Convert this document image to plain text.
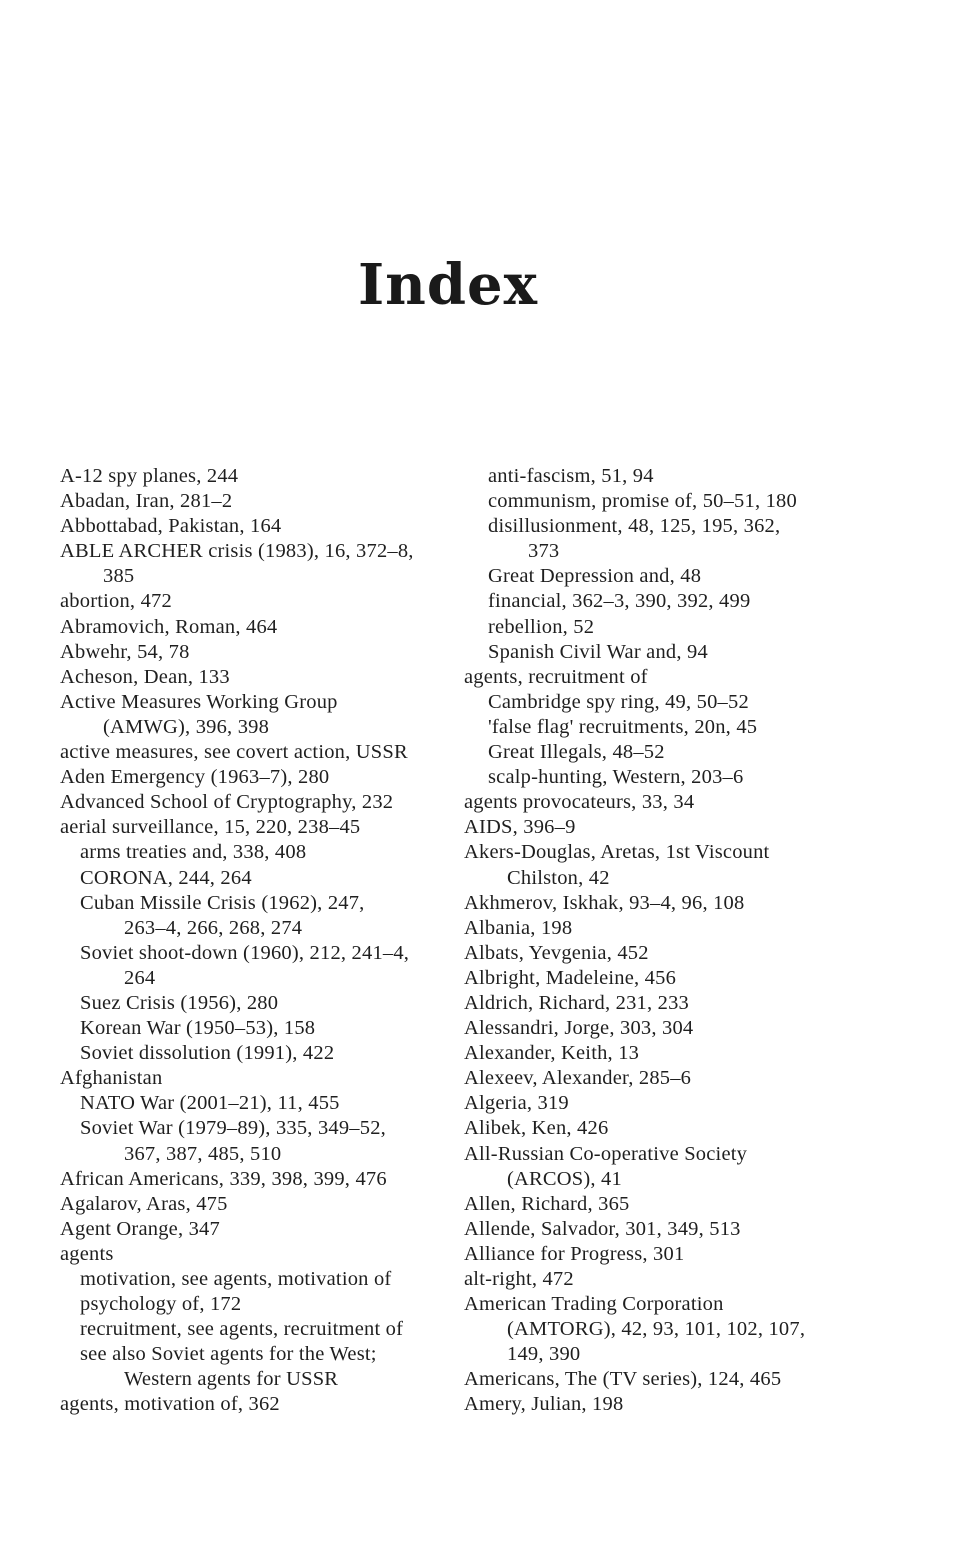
Index
A-12 spy planes, 244
Abadan, Iran, 281–2
Abbottabad, Pakistan, 164
ABLE ARCHER crisis (1983), 16, 372–8,
385
abortion, 472
Abramovich, Roman, 464
Abwehr, 54, 78
Acheson, Dean, 133
Active Measures Working Group
(AMWG), 396, 398
active measures, see covert action, USSR
Aden Emergency (1963–7), 280
Advanced School of Cryptography, 232
aerial surveillance, 15, 220, 238–45
arms treaties and, 338, 408
CORONA, 244, 264
Cuban Missile Crisis (1962), 247,
263–4, 266, 268, 274
Soviet shoot-down (1960), 212, 241–4,
264
Suez Crisis (1956), 280
Korean War (1950–53), 158
Soviet dissolution (1991), 422
Afghanistan
NATO War (2001–21), 11, 455
Soviet War (1979–89), 335, 349–52,
367, 387, 485, 510
African Americans, 339, 398, 399, 476
Agalarov, Aras, 475
Agent Orange, 347
agents
motivation, see agents, motivation of
psychology of, 172
recruitment, see agents, recruitment of
see also Soviet agents for the West;
Western agents for USSR
agents, motivation of, 362
anti-fascism, 51, 94
communism, promise of, 50–51, 180
disillusionment, 48, 125, 195, 362,
373
Great Depression and, 48
financial, 362–3, 390, 392, 499
rebellion, 52
Spanish Civil War and, 94
agents, recruitment of
Cambridge spy ring, 49, 50–52
'false flag' recruitments, 20n, 45
Great Illegals, 48–52
scalp-hunting, Western, 203–6
agents provocateurs, 33, 34
AIDS, 396–9
Akers-Douglas, Aretas, 1st Viscount
Chilston, 42
Akhmerov, Iskhak, 93–4, 96, 108
Albania, 198
Albats, Yevgenia, 452
Albright, Madeleine, 456
Aldrich, Richard, 231, 233
Alessandri, Jorge, 303, 304
Alexander, Keith, 13
Alexeev, Alexander, 285–6
Algeria, 319
Alibek, Ken, 426
All-Russian Co-operative Society
(ARCOS), 41
Allen, Richard, 365
Allende, Salvador, 301, 349, 513
Alliance for Progress, 301
alt-right, 472
American Trading Corporation
(AMTORG), 42, 93, 101, 102, 107,
149, 390
Americans, The (TV series), 124, 465
Amery, Julian, 198
